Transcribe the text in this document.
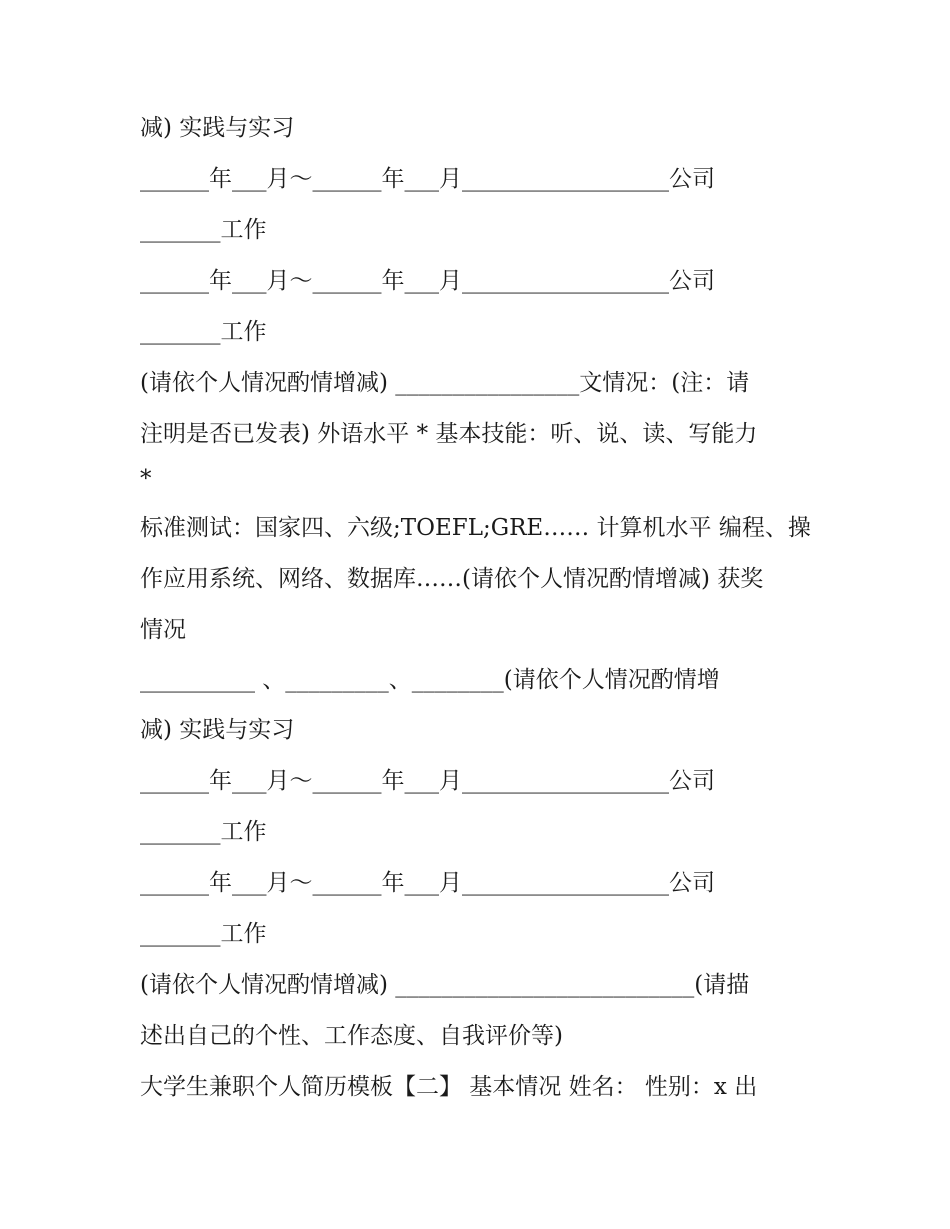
减) 实践与实习
______年___月～______年___月__________________公司
_______工作
______年___月～______年___月__________________公司
_______工作
(请依个人情况酌情增减) ________________文情况：(注：请
注明是否已发表) 外语水平 * 基本技能：听、说、读、写能力
*
标准测试：国家四、六级;TOEFL;GRE…… 计算机水平 编程、操
作应用系统、网络、数据库……(请依个人情况酌情增减) 获奖
情况
__________ 、_________、________(请依个人情况酌情增
减) 实践与实习
______年___月～______年___月__________________公司
_______工作
______年___月～______年___月__________________公司
_______工作
(请依个人情况酌情增减) __________________________(请描
述出自己的个性、工作态度、自我评价等)
大学生兼职个人简历模板【二】 基本情况 姓名： 性别：x 出
